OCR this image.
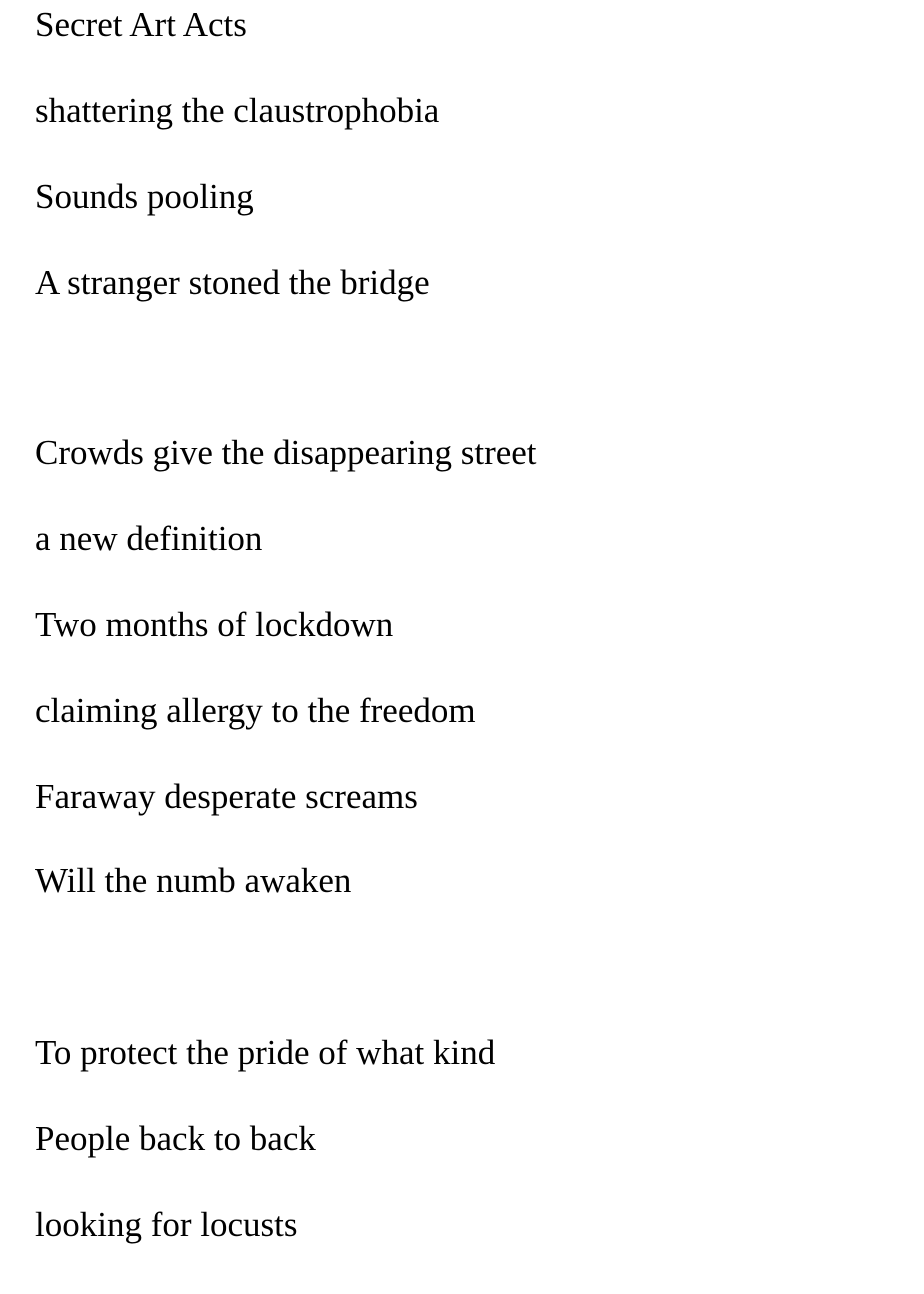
Secret Art Acts
shattering the claustrophobia
Sounds pooling
A stranger stoned the bridge
Crowds give the disappearing street
a new definition
Two months of lockdown
claiming allergy to the freedom
Faraway desperate screams
Will the numb awaken
To protect the pride of what kind
People back to back
looking for locusts
